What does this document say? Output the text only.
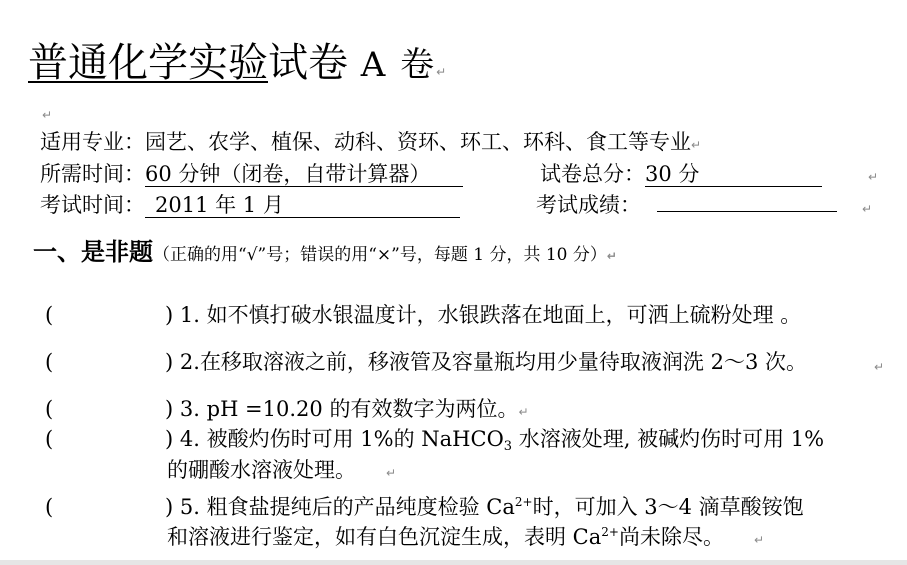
普通化学实验试卷 A 卷↵
↵
适用专业：园艺、农学、植保、动科、资环、环工、环科、食工等专业↵
所需时间：60 分钟（闭卷，自带计算器）	试卷总分：30 分	↵
考试时间： 2011 年 1 月	考试成绩：	↵
一、是非题（正确的用“√”号；错误的用“×”号，每题 1 分，共 10 分）↵
(	) 1. 如不慎打破水银温度计，水银跌落在地面上，可洒上硫粉处理 。
(	) 2.在移取溶液之前，移液管及容量瓶均用少量待取液润洗 2～3 次。	↵
(	) 3. pH =10.20 的有效数字为两位。↵
(	) 4. 被酸灼伤时可用 1%的 NaHCO$_3$ 水溶液处理, 被碱灼伤时可用 1%
的硼酸水溶液处理。	↵
(	) 5. 粗食盐提纯后的产品纯度检验 $Ca^{2+}$时，可加入 3～4 滴草酸铵饱
和溶液进行鉴定，如有白色沉淀生成，表明 $Ca^{2+}$尚未除尽。	↵
